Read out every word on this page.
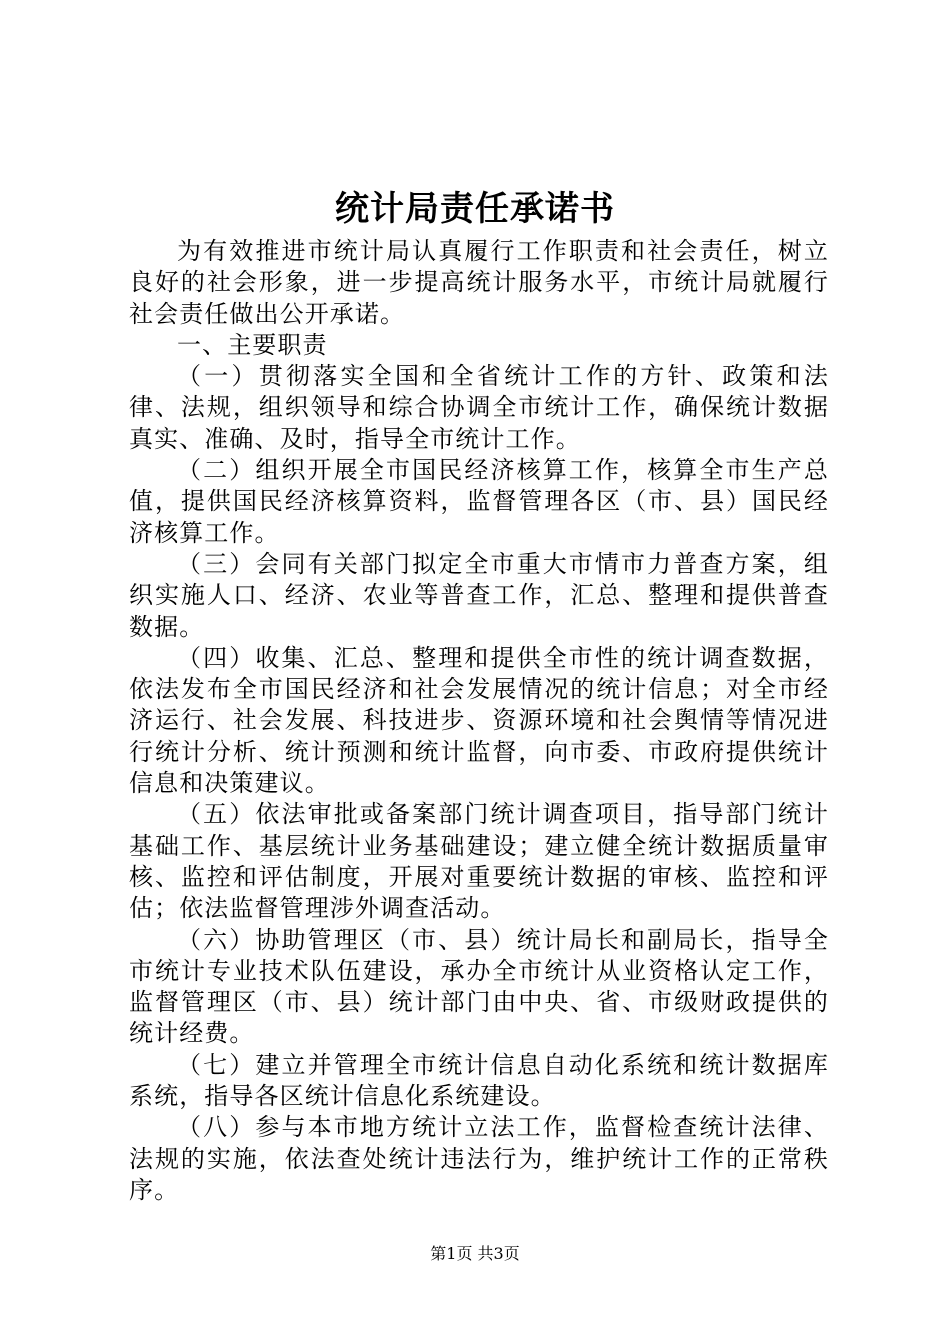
统计局责任承诺书

为有效推进市统计局认真履行工作职责和社会责任，树立良好的社会形象，进一步提高统计服务水平，市统计局就履行社会责任做出公开承诺。

一、主要职责

（一）贯彻落实全国和全省统计工作的方针、政策和法律、法规，组织领导和综合协调全市统计工作，确保统计数据真实、准确、及时，指导全市统计工作。

（二）组织开展全市国民经济核算工作，核算全市生产总值，提供国民经济核算资料，监督管理各区（市、县）国民经济核算工作。

（三）会同有关部门拟定全市重大市情市力普查方案，组织实施人口、经济、农业等普查工作，汇总、整理和提供普查数据。

（四）收集、汇总、整理和提供全市性的统计调查数据，依法发布全市国民经济和社会发展情况的统计信息；对全市经济运行、社会发展、科技进步、资源环境和社会舆情等情况进行统计分析、统计预测和统计监督，向市委、市政府提供统计信息和决策建议。

（五）依法审批或备案部门统计调查项目，指导部门统计基础工作、基层统计业务基础建设；建立健全统计数据质量审核、监控和评估制度，开展对重要统计数据的审核、监控和评估；依法监督管理涉外调查活动。

（六）协助管理区（市、县）统计局长和副局长，指导全市统计专业技术队伍建设，承办全市统计从业资格认定工作，监督管理区（市、县）统计部门由中央、省、市级财政提供的统计经费。

（七）建立并管理全市统计信息自动化系统和统计数据库系统，指导各区统计信息化系统建设。

（八）参与本市地方统计立法工作，监督检查统计法律、法规的实施，依法查处统计违法行为，维护统计工作的正常秩序。

第1页 共3页
